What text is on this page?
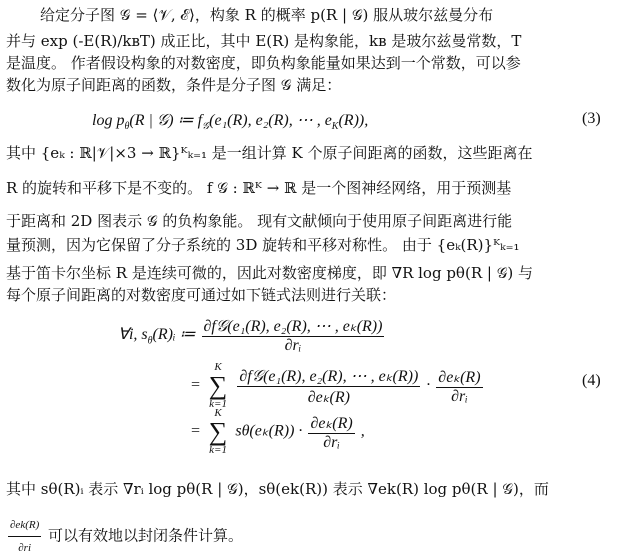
给定分子图 𝒢 = ⟨𝒱, ℰ⟩，构象 R 的概率 p(R | 𝒢) 服从玻尔兹曼分布
并与 exp (-E(R)/kʙT) 成正比，其中 E(R) 是构象能，kʙ 是玻尔兹曼常数，T
是温度。 作者假设构象的对数密度，即负构象能量如果达到一个常数，可以参
数化为原子间距离的函数，条件是分子图 𝒢 满足：
$\log p_\theta(R$ | 𝒢) ≔ $f_𝒢(e_1(R)$, e₂(R), ⋯ , $e_K(R)$),	(3)
其中 {eₖ : ℝ|𝒱|×3 → ℝ}ᴷₖ₌₁ 是一组计算 K 个原子间距离的函数，这些距离在
R 的旋转和平移下是不变的。 f 𝒢 : ℝᴷ → ℝ 是一个图神经网络，用于预测基
于距离和 2D 图表示 𝒢 的负构象能。 现有文献倾向于使用原子间距离进行能
量预测，因为它保留了分子系统的 3D 旋转和平移对称性。 由于 {eₖ(R)}ᴷₖ₌₁
基于笛卡尔坐标 R 是连续可微的，因此对数密度梯度，即 ∇R log pθ(R | 𝒢) 与
每个原子间距离的对数密度可通过如下链式法则进行关联：
∀i, $s_\theta(R)ᵢ$ ≔ $\frac{\text{∂f𝒢(e₁(R), e₂(R), ⋯ , eₖ(R))}}{\text{∂rᵢ}}$
=
K
∑
k=1
$\frac{\text{∂f𝒢(e₁(R), e₂(R), ⋯ , eₖ(R))}}{\text{∂eₖ(R)}} \cdot \frac{\text{∂eₖ(R)}}{\text{∂rᵢ}}$	(4)
=
K
∑
k=1
$s\theta(e_k(R)) \cdot \frac{\text{∂eₖ(R)}}{\text{∂rᵢ}}$ ,
其中 sθ(R)ᵢ 表示 ∇rᵢ log pθ(R | 𝒢)，sθ(ek(R)) 表示 ∇ek(R) log pθ(R | 𝒢)，而
$\frac{\partial ek(R)}{\partial ri}$ 可以有效地以封闭条件计算。
